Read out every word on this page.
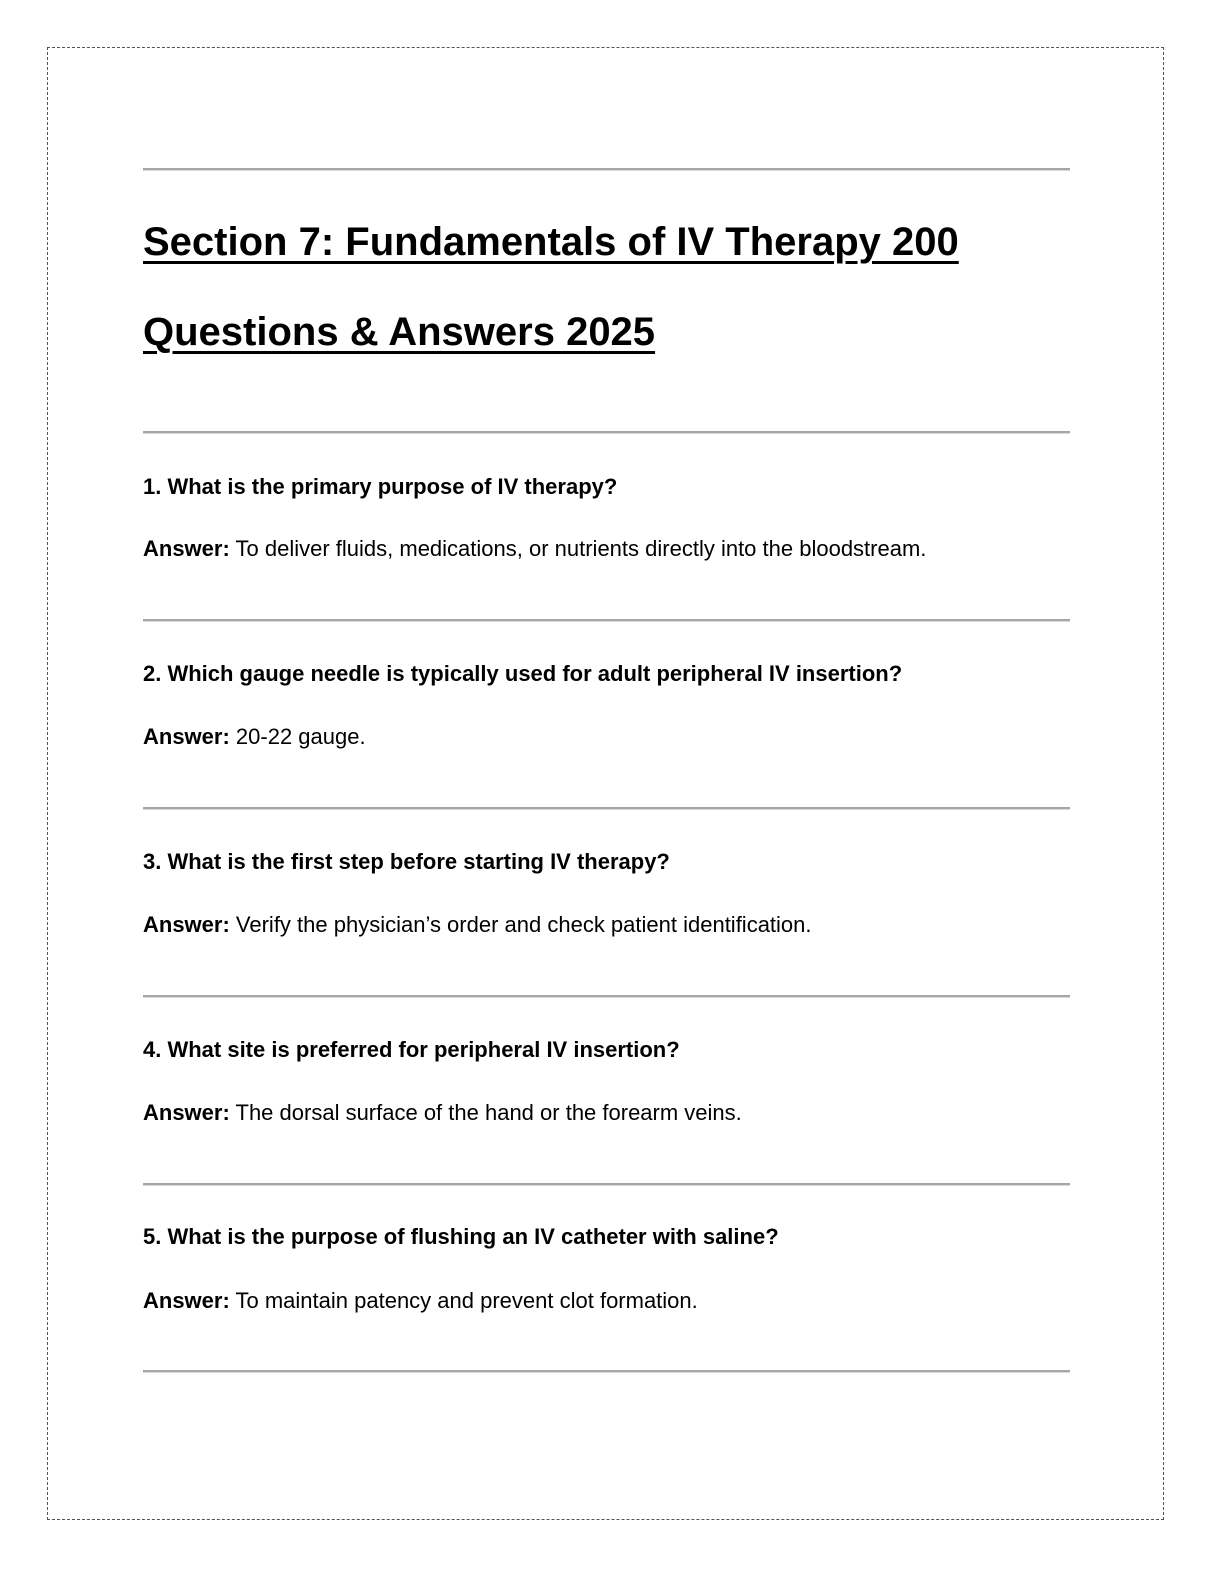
Section 7: Fundamentals of IV Therapy 200
Questions & Answers 2025

1. What is the primary purpose of IV therapy?

Answer: To deliver fluids, medications, or nutrients directly into the bloodstream.

2. Which gauge needle is typically used for adult peripheral IV insertion?

Answer: 20-22 gauge.

3. What is the first step before starting IV therapy?

Answer: Verify the physician’s order and check patient identification.

4. What site is preferred for peripheral IV insertion?

Answer: The dorsal surface of the hand or the forearm veins.

5. What is the purpose of flushing an IV catheter with saline?

Answer: To maintain patency and prevent clot formation.
